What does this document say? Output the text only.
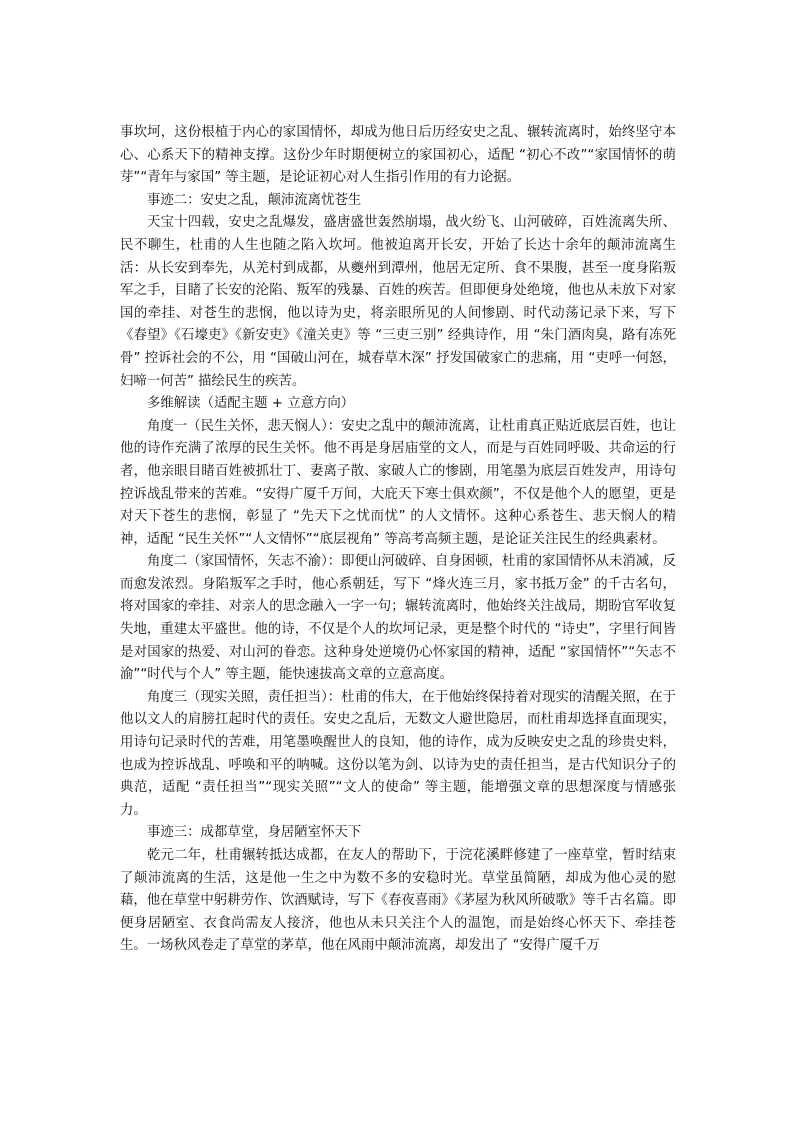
事坎坷，这份根植于内心的家国情怀，却成为他日后历经安史之乱、辗转流离时，始终坚守本心、心系天下的精神支撑。这份少年时期便树立的家国初心，适配 “初心不改”“家国情怀的萌芽”“青年与家国” 等主题，是论证初心对人生指引作用的有力论据。

事迹二：安史之乱，颠沛流离忧苍生

天宝十四载，安史之乱爆发，盛唐盛世轰然崩塌，战火纷飞、山河破碎，百姓流离失所、民不聊生，杜甫的人生也随之陷入坎坷。他被迫离开长安，开始了长达十余年的颠沛流离生活：从长安到奉先，从羌村到成都，从夔州到潭州，他居无定所、食不果腹，甚至一度身陷叛军之手，目睹了长安的沦陷、叛军的残暴、百姓的疾苦。但即便身处绝境，他也从未放下对家国的牵挂、对苍生的悲悯，他以诗为史，将亲眼所见的人间惨剧、时代动荡记录下来，写下《春望》《石壕吏》《新安吏》《潼关吏》等 “三吏三别” 经典诗作，用 “朱门酒肉臭，路有冻死骨” 控诉社会的不公，用 “国破山河在，城春草木深” 抒发国破家亡的悲痛，用 “吏呼一何怒，妇啼一何苦” 描绘民生的疾苦。

多维解读（适配主题 + 立意方向）

角度一（民生关怀，悲天悯人）：安史之乱中的颠沛流离，让杜甫真正贴近底层百姓，也让他的诗作充满了浓厚的民生关怀。他不再是身居庙堂的文人，而是与百姓同呼吸、共命运的行者，他亲眼目睹百姓被抓壮丁、妻离子散、家破人亡的惨剧，用笔墨为底层百姓发声，用诗句控诉战乱带来的苦难。“安得广厦千万间，大庇天下寒士俱欢颜”，不仅是他个人的愿望，更是对天下苍生的悲悯，彰显了 “先天下之忧而忧” 的人文情怀。这种心系苍生、悲天悯人的精神，适配 “民生关怀”“人文情怀”“底层视角” 等高考高频主题，是论证关注民生的经典素材。

角度二（家国情怀，矢志不渝）：即便山河破碎、自身困顿，杜甫的家国情怀从未消减，反而愈发浓烈。身陷叛军之手时，他心系朝廷，写下 “烽火连三月，家书抵万金” 的千古名句，将对国家的牵挂、对亲人的思念融入一字一句；辗转流离时，他始终关注战局，期盼官军收复失地，重建太平盛世。他的诗，不仅是个人的坎坷记录，更是整个时代的 “诗史”，字里行间皆是对国家的热爱、对山河的眷恋。这种身处逆境仍心怀家国的精神，适配 “家国情怀”“矢志不渝”“时代与个人” 等主题，能快速拔高文章的立意高度。

角度三（现实关照，责任担当）：杜甫的伟大，在于他始终保持着对现实的清醒关照，在于他以文人的肩膀扛起时代的责任。安史之乱后，无数文人避世隐居，而杜甫却选择直面现实，用诗句记录时代的苦难，用笔墨唤醒世人的良知，他的诗作，成为反映安史之乱的珍贵史料，也成为控诉战乱、呼唤和平的呐喊。这份以笔为剑、以诗为史的责任担当，是古代知识分子的典范，适配 “责任担当”“现实关照”“文人的使命” 等主题，能增强文章的思想深度与情感张力。

事迹三：成都草堂，身居陋室怀天下

乾元二年，杜甫辗转抵达成都，在友人的帮助下，于浣花溪畔修建了一座草堂，暂时结束了颠沛流离的生活，这是他一生之中为数不多的安稳时光。草堂虽简陋，却成为他心灵的慰藉，他在草堂中躬耕劳作、饮酒赋诗，写下《春夜喜雨》《茅屋为秋风所破歌》等千古名篇。即便身居陋室、衣食尚需友人接济，他也从未只关注个人的温饱，而是始终心怀天下、牵挂苍生。一场秋风卷走了草堂的茅草，他在风雨中颠沛流离，却发出了 “安得广厦千万
